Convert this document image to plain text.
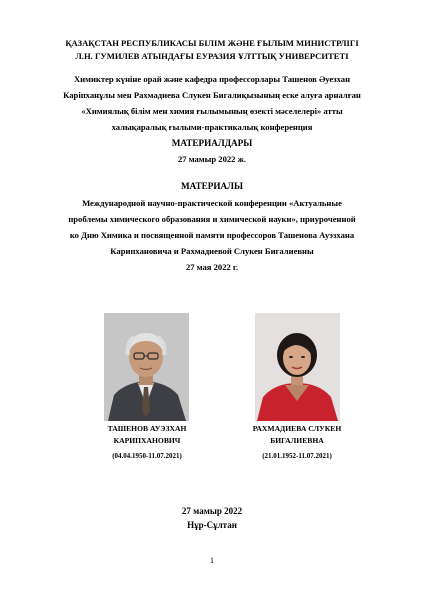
ҚАЗАҚСТАН РЕСПУБЛИКАСЫ БІЛІМ ЖӘНЕ ҒЫЛЫМ МИНИСТРЛІГІ
Л.Н. ГУМИЛЕВ АТЫНДАҒЫ ЕУРАЗИЯ ҰЛТТЫҚ УНИВЕРСИТЕТІ
Химиктер күніне орай және кафедра профессорлары Ташенов Әуезхан
Карiпханұлы мен Рахмадиева Слукен Бигалиқызының еске алуға арналған
«Химиялық білім мен химия ғылымының өзекті мәселелері» атты
халықаралық ғылыми-практикалық конференция
МАТЕРИАЛДАРЫ
27 мамыр 2022 ж.
МАТЕРИАЛЫ
Международной научно-практической конференции «Актуальные
проблемы химического образования и химической науки», приуроченной
ко Дню Химика и посвященной памяти профессоров Ташенова Ауэзхана
Карипхановича и Рахмадиевой Слукен Бигалиевны
27 мая 2022 г.
ТАШЕНОВ АУЭЗХАН
КАРИПХАНОВИЧ
(04.04.1950-11.07.2021)
РАХМАДИЕВА СЛУКЕН
БИГАЛИЕВНА
(21.01.1952-11.07.2021)
27 мамыр 2022
Нұр-Сұлтан
1
